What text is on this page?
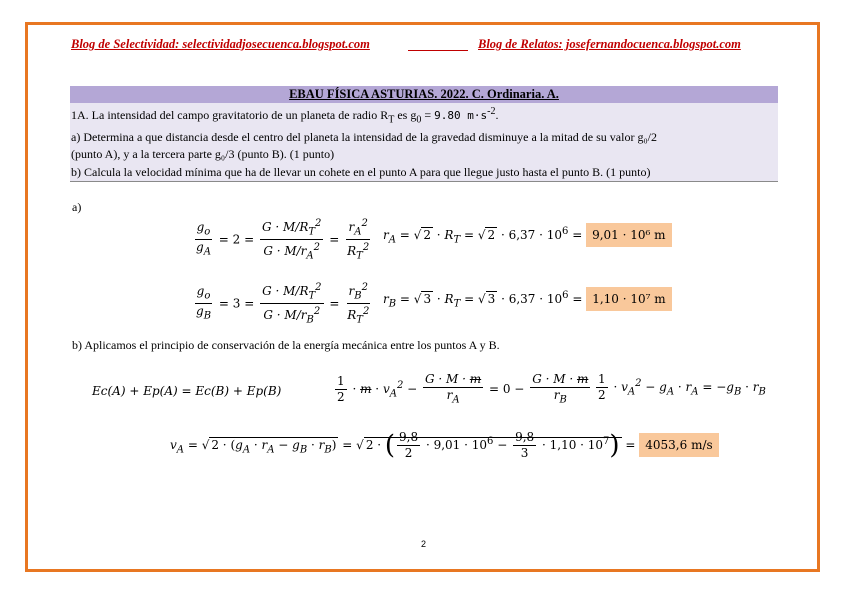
Blog de Selectividad: selectividadjosecuenca.blogspot.com	Blog de Relatos: josefernandocuenca.blogspot.com
EBAU FÍSICA ASTURIAS. 2022. C. Ordinaria. A.
1A. La intensidad del campo gravitatorio de un planeta de radio $R_T$ es $g_0 = 9.80$ $m\cdot s^{-2}$.
a) Determina a que distancia desde el centro del planeta la intensidad de la gravedad disminuye a la mitad de su valor g₀/2
(punto A), y a la tercera parte g₀/3 (punto B). (1 punto)
b) Calcula la velocidad mínima que ha de llevar un cohete en el punto A para que llegue justo hasta el punto B. (1 punto)
a)
$\frac{g_o}{g_A} = 2 = \frac{G \cdot M/R_T^2}{G \cdot M/r_A^2} = \frac{r_A^2}{R_T^2} r_A$ = √ $2 \cdot R_T$ = √ $2 \cdot 6,37 \cdot 10^6 = 9,01 \cdot 10^6$ m
$\frac{g_o}{g_B} = 3 = \frac{G \cdot M/R_T^2}{G \cdot M/r_B^2} = \frac{r_B^2}{R_T^2} r_B$ = √ $3 \cdot R_T$ = √ $3 \cdot 6,37 \cdot 10^6 = 1,10 \cdot 10^7$ m
b) Aplicamos el principio de conservación de la energía mecánica entre los puntos A y B.
Ec(A) + Ep(A) = Ec(B) + Ep(B)	$\frac{1}{2} \cdot m \cdot v_A^2 - \frac{G \cdot M \cdot m}{r_A} = 0 - \frac{G \cdot M \cdot m}{r_B} \frac{1}{2} \cdot v_A^2 - g_A \cdot r_A = -g_B \cdot r_B$
$v_A$ = √ $2 \cdot (g_A \cdot r_A - g_B \cdot r_B)$ = √ 2 · ( $\frac{9,8}{2} \cdot 9,01 \cdot 10^6 - \frac{9,8}{3} \cdot 1,10 \cdot 10^7) = 4053,6$ m/s
2
